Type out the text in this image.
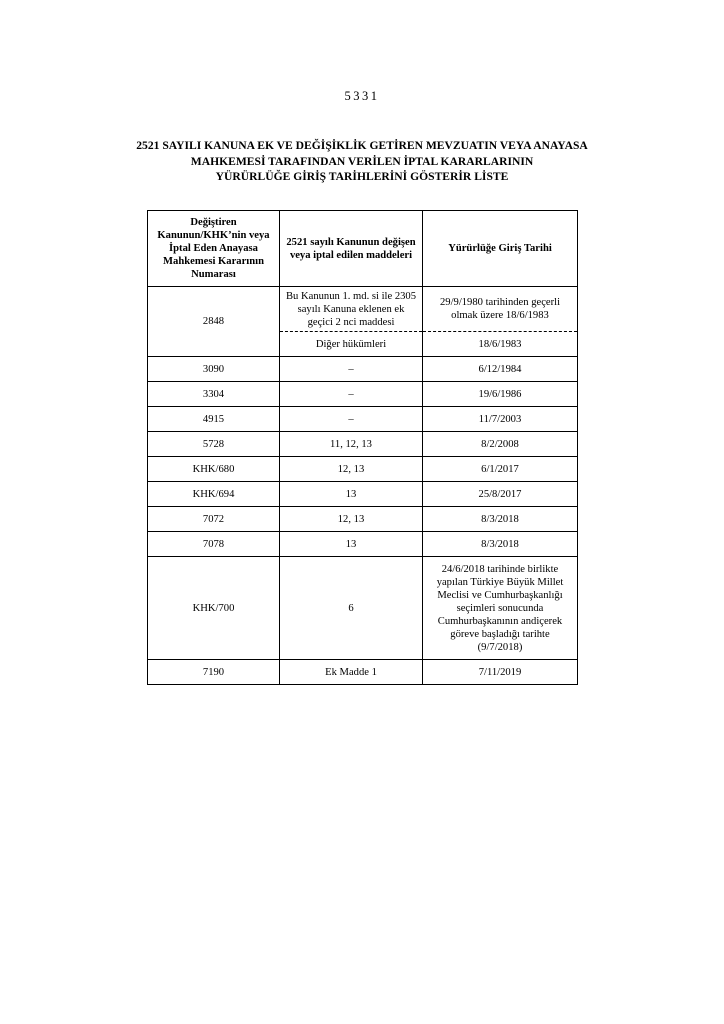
5331
2521 SAYILI KANUNA EK VE DEĞİŞİKLİK GETİREN MEVZUATIN VEYA ANAYASA
MAHKEMESİ TARAFINDAN VERİLEN İPTAL KARARLARININ
YÜRÜRLÜĞE GİRİŞ TARİHLERİNİ GÖSTERİR LİSTE
Değiştiren Kanunun/KHK’nin veya İptal Eden Anayasa Mahkemesi Kararının Numarası	2521 sayılı Kanunun değişen veya iptal edilen maddeleri	Yürürlüğe Giriş Tarihi
2848	Bu Kanunun 1. md. si ile 2305 sayılı Kanuna eklenen ek geçici 2 nci maddesi	29/9/1980 tarihinden geçerli olmak üzere 18/6/1983
	Diğer hükümleri	18/6/1983
3090	–	6/12/1984
3304	–	19/6/1986
4915	–	11/7/2003
5728	11, 12, 13	8/2/2008
KHK/680	12, 13	6/1/2017
KHK/694	13	25/8/2017
7072	12, 13	8/3/2018
7078	13	8/3/2018
KHK/700	6	24/6/2018 tarihinde birlikte yapılan Türkiye Büyük Millet Meclisi ve Cumhurbaşkanlığı seçimleri sonucunda Cumhurbaşkanının andiçerek göreve başladığı tarihte (9/7/2018)
7190	Ek Madde 1	7/11/2019
